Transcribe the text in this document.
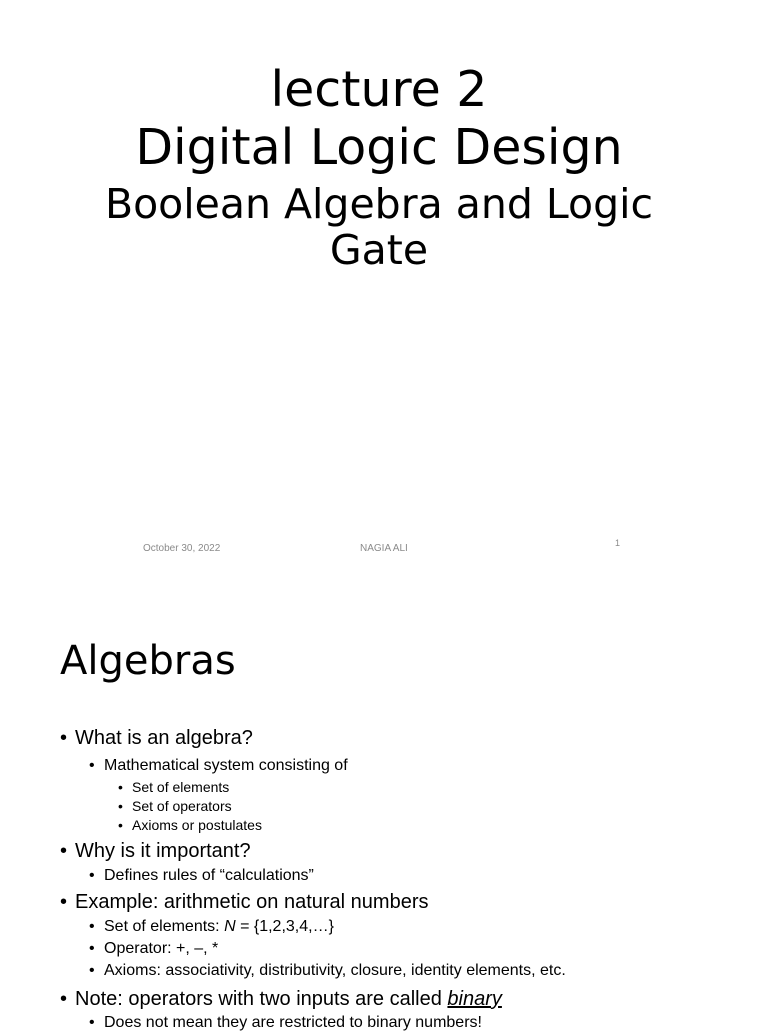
lecture 2
Digital Logic Design
Boolean Algebra and Logic Gate
October 30, 2022	NAGIA ALI	1
Algebras
• What is an algebra?
• Mathematical system consisting of
• Set of elements
• Set of operators
• Axioms or postulates
• Why is it important?
• Defines rules of “calculations”
• Example: arithmetic on natural numbers
• Set of elements: N = {1,2,3,4,…}
• Operator: +, –, *
• Axioms: associativity, distributivity, closure, identity elements, etc.
• Note: operators with two inputs are called binary
• Does not mean they are restricted to binary numbers!
